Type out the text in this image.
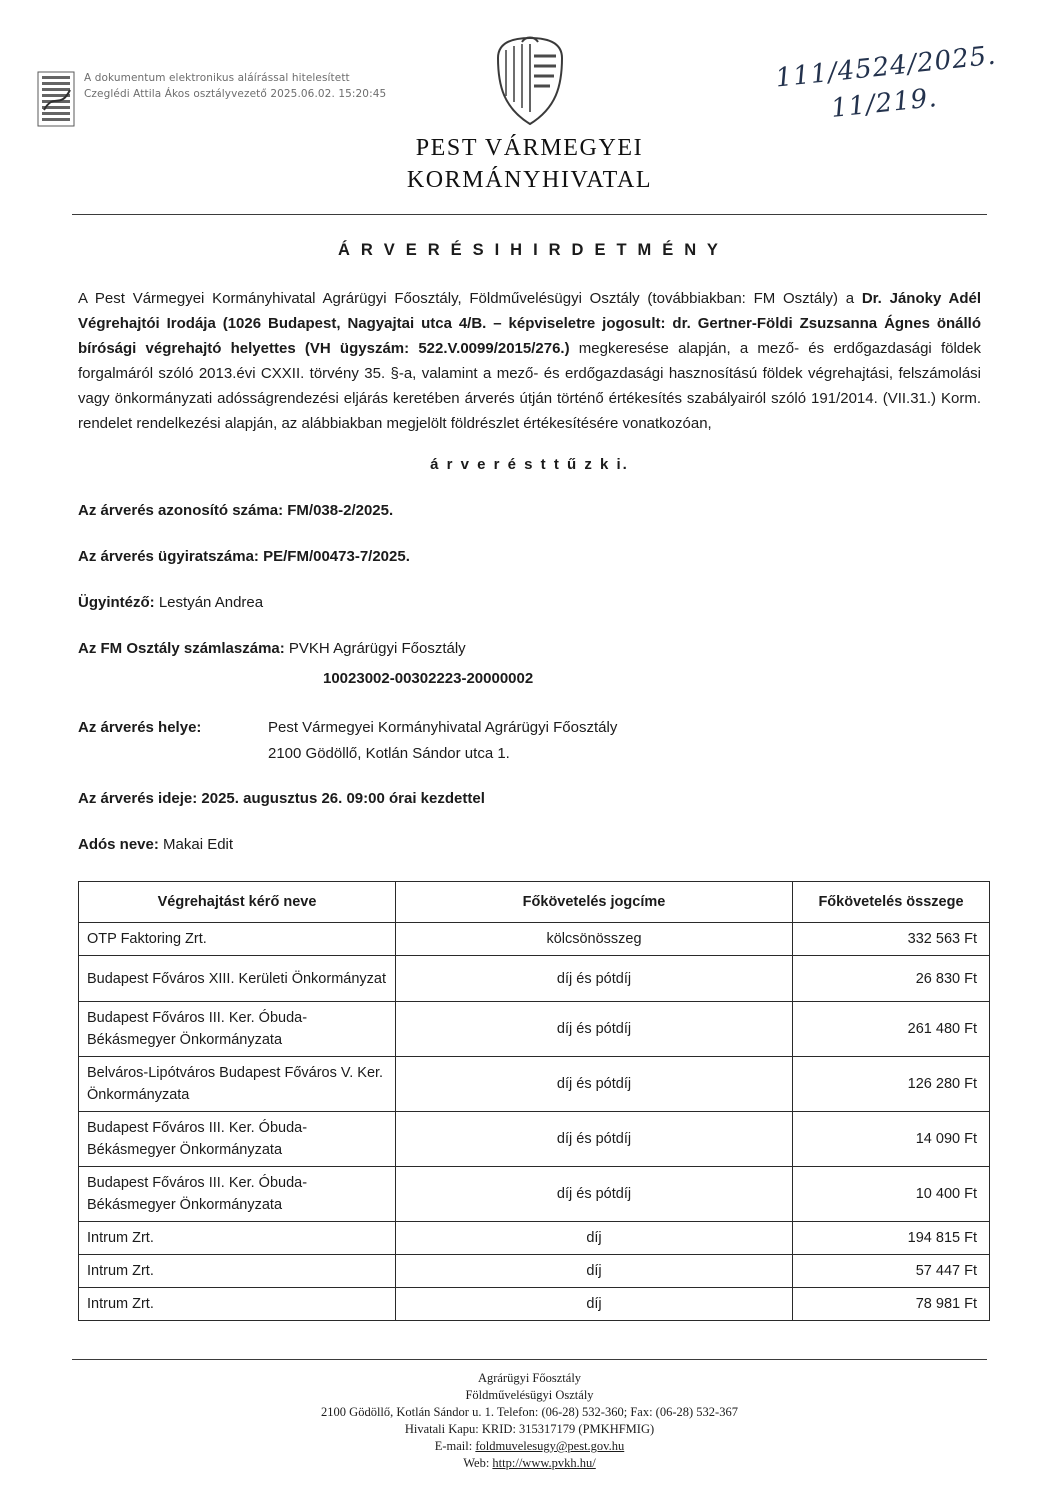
A dokumentum elektronikus aláírással hitelesített
Czeglédi Attila Ákos osztályvezető 2025.06.02. 15:20:45
PEST VÁRMEGYEI
KORMÁNYHIVATAL
111/4524/2025.
11/219.
Á R V E R É S I H I R D E T M É N Y

A Pest Vármegyei Kormányhivatal Agrárügyi Főosztály, Földművelésügyi Osztály (továbbiakban: FM Osztály) a Dr. Jánoky Adél Végrehajtói Irodája (1026 Budapest, Nagyajtai utca 4/B. – képviseletre jogosult: dr. Gertner-Földi Zsuzsanna Ágnes önálló bírósági végrehajtó helyettes (VH ügyszám: 522.V.0099/2015/276.) megkeresése alapján, a mező- és erdőgazdasági földek forgalmáról szóló 2013.évi CXXII. törvény 35. §-a, valamint a mező- és erdőgazdasági hasznosítású földek végrehajtási, felszámolási vagy önkormányzati adósságrendezési eljárás keretében árverés útján történő értékesítés szabályairól szóló 191/2014. (VII.31.) Korm. rendelet rendelkezési alapján, az alábbiakban megjelölt földrészlet értékesítésére vonatkozóan,

á r v e r é s t t ű z k i.
Az árverés azonosító száma: FM/038-2/2025.
Az árverés ügyiratszáma: PE/FM/00473-7/2025.
Ügyintéző: Lestyán Andrea
Az FM Osztály számlaszáma: PVKH Agrárügyi Főosztály
10023002-00302223-20000002
Az árverés helye:	Pest Vármegyei Kormányhivatal Agrárügyi Főosztály
2100 Gödöllő, Kotlán Sándor utca 1.
Az árverés ideje: 2025. augusztus 26. 09:00 órai kezdettel
Adós neve: Makai Edit
Végrehajtást kérő neve	Főkövetelés jogcíme	Főkövetelés összege
OTP Faktoring Zrt.	kölcsönösszeg	332 563 Ft
Budapest Főváros XIII. Kerületi Önkormányzat	díj és pótdíj	26 830 Ft
Budapest Főváros III. Ker. Óbuda-Békásmegyer Önkormányzata	díj és pótdíj	261 480 Ft
Belváros-Lipótváros Budapest Főváros V. Ker. Önkormányzata	díj és pótdíj	126 280 Ft
Budapest Főváros III. Ker. Óbuda-Békásmegyer Önkormányzata	díj és pótdíj	14 090 Ft
Budapest Főváros III. Ker. Óbuda-Békásmegyer Önkormányzata	díj és pótdíj	10 400 Ft
Intrum Zrt.	díj	194 815 Ft
Intrum Zrt.	díj	57 447 Ft
Intrum Zrt.	díj	78 981 Ft
Agrárügyi Főosztály
Földművelésügyi Osztály
2100 Gödöllő, Kotlán Sándor u. 1. Telefon: (06-28) 532-360; Fax: (06-28) 532-367
Hivatali Kapu: KRID: 315317179 (PMKHFMIG)
E-mail: foldmuvelesugy@pest.gov.hu
Web: http://www.pvkh.hu/
